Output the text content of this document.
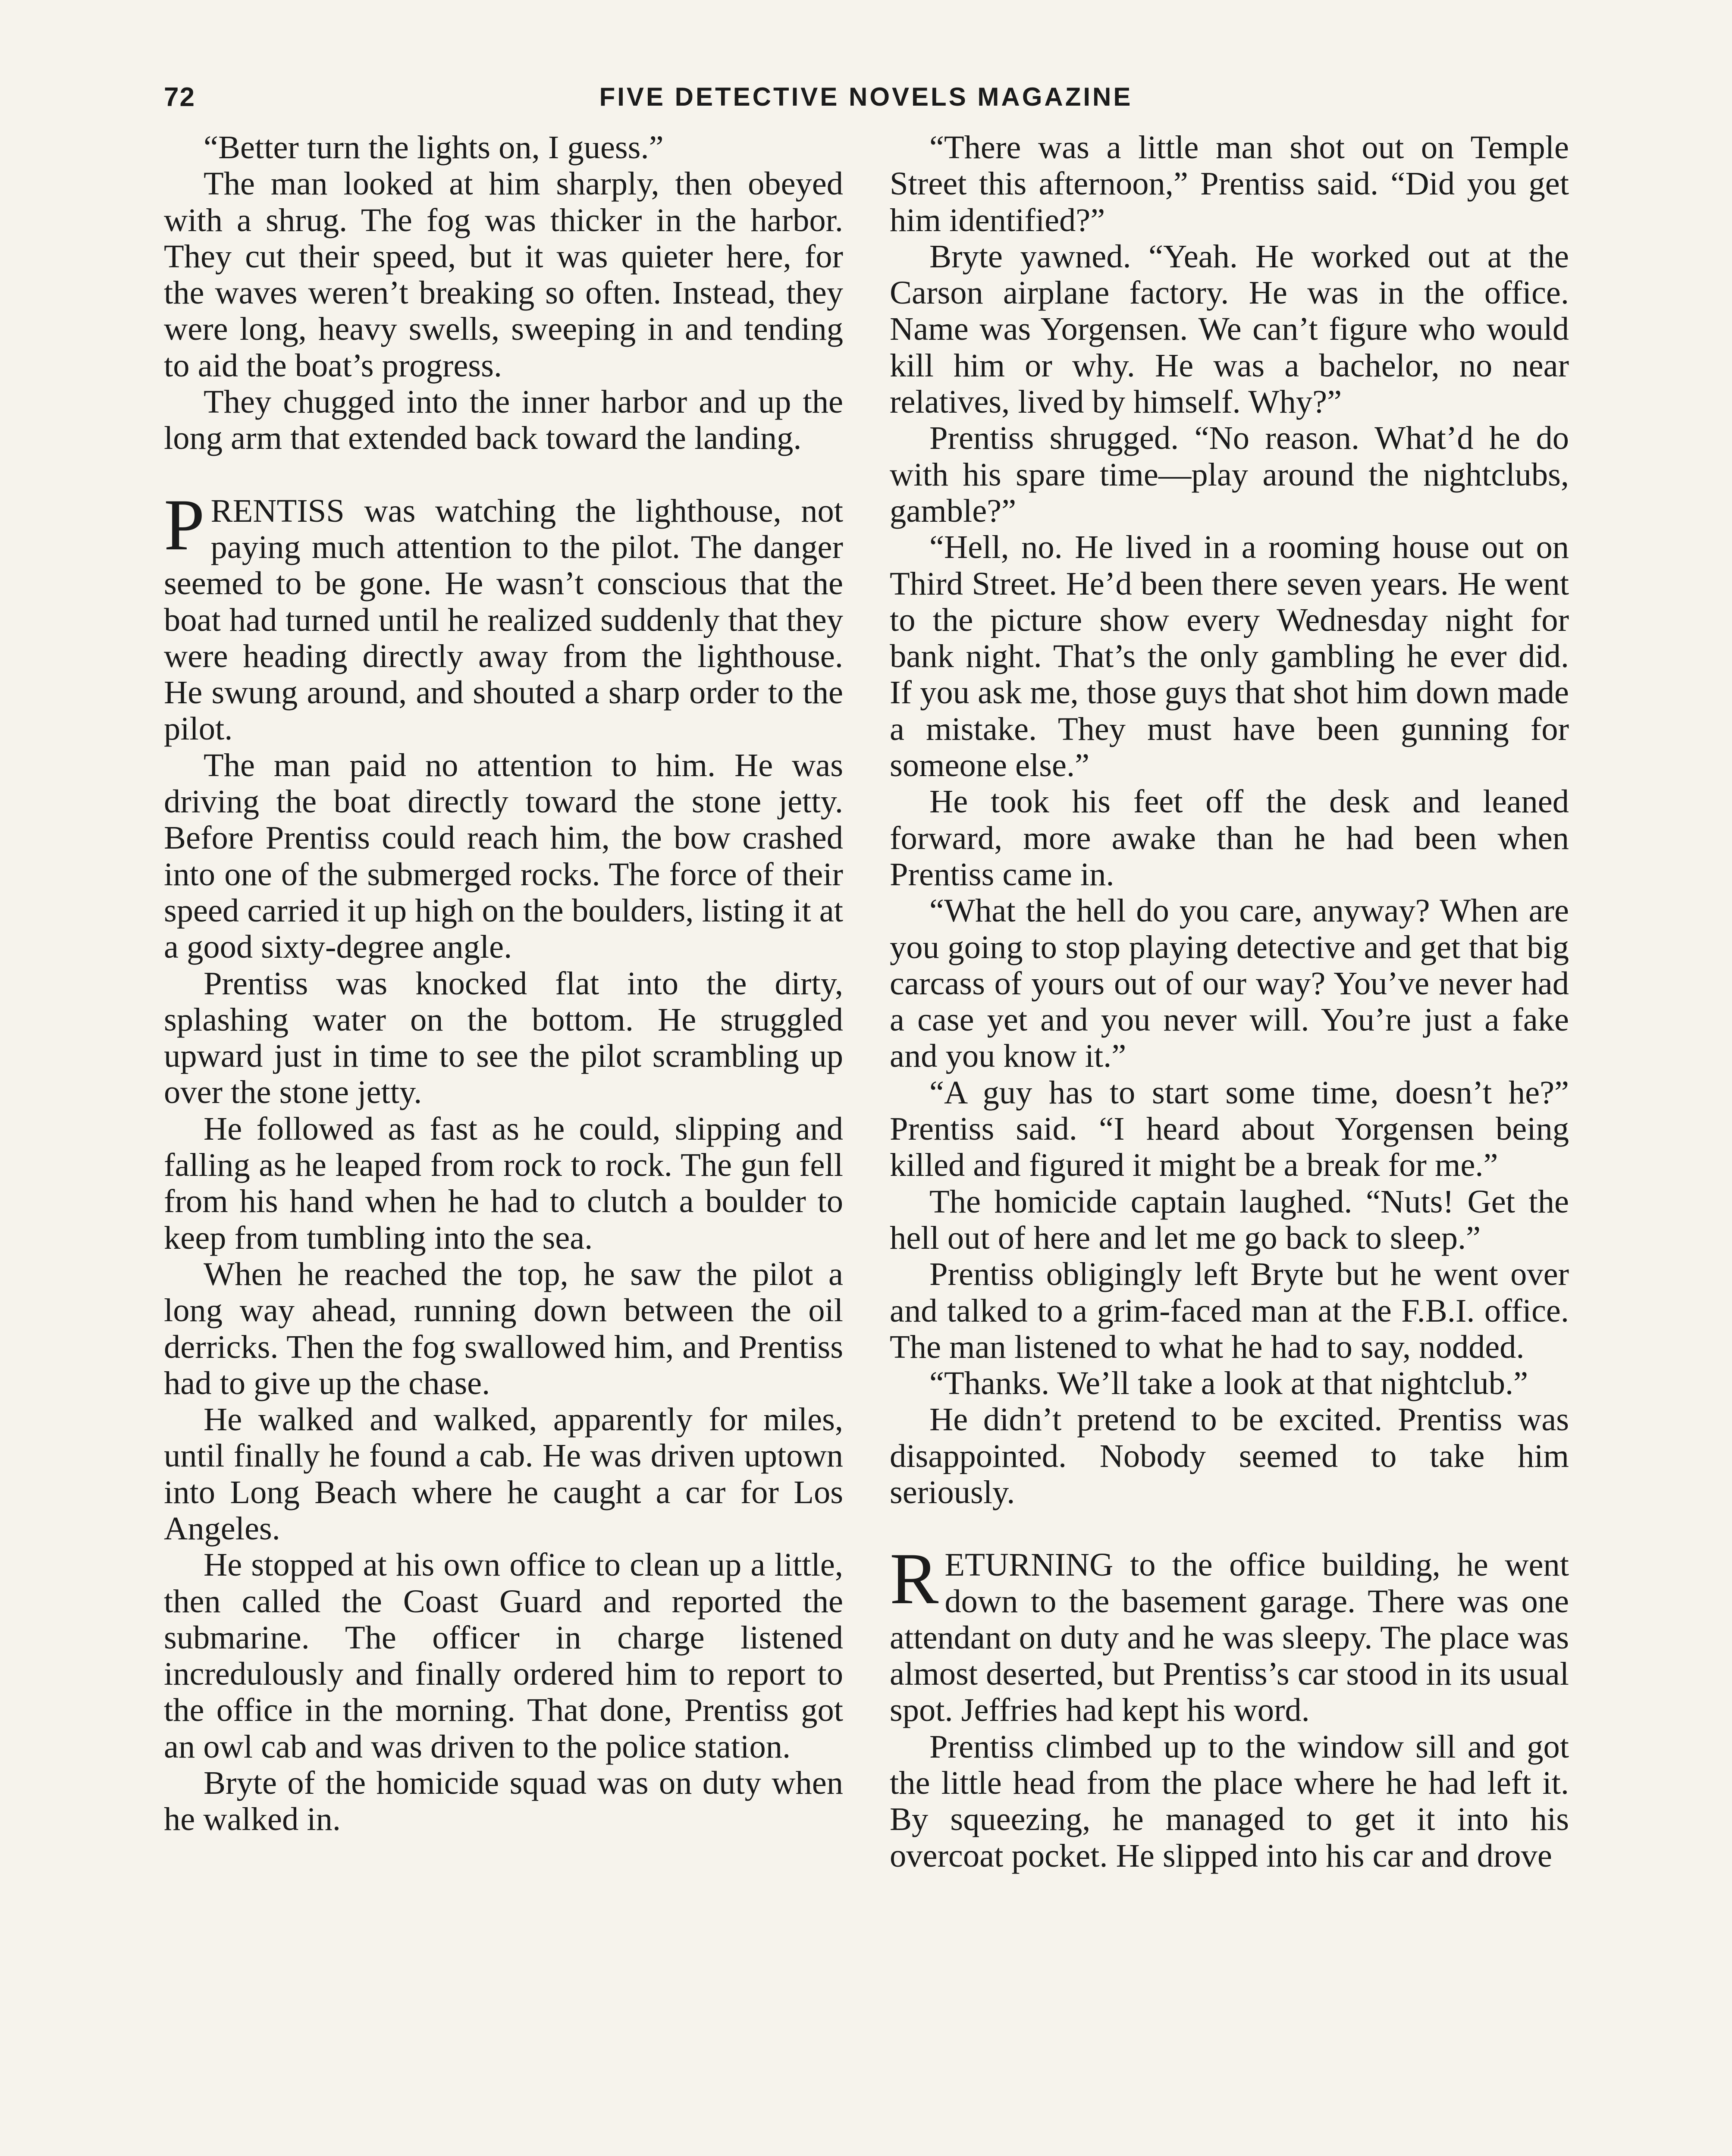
72	FIVE DETECTIVE NOVELS MAGAZINE

“Better turn the lights on, I guess.”

The man looked at him sharply, then obeyed with a shrug. The fog was thicker in the harbor. They cut their speed, but it was quieter here, for the waves weren’t breaking so often. Instead, they were long, heavy swells, sweeping in and tending to aid the boat’s progress.

They chugged into the inner harbor and up the long arm that extended back toward the landing.

PRENTISS was watching the lighthouse, not paying much attention to the pilot. The danger seemed to be gone. He wasn’t conscious that the boat had turned until he realized suddenly that they were heading directly away from the lighthouse. He swung around, and shouted a sharp order to the pilot.

The man paid no attention to him. He was driving the boat directly toward the stone jetty. Before Prentiss could reach him, the bow crashed into one of the submerged rocks. The force of their speed carried it up high on the boulders, listing it at a good sixty-degree angle.

Prentiss was knocked flat into the dirty, splashing water on the bottom. He struggled upward just in time to see the pilot scrambling up over the stone jetty.

He followed as fast as he could, slipping and falling as he leaped from rock to rock. The gun fell from his hand when he had to clutch a boulder to keep from tumbling into the sea.

When he reached the top, he saw the pilot a long way ahead, running down between the oil derricks. Then the fog swallowed him, and Prentiss had to give up the chase.

He walked and walked, apparently for miles, until finally he found a cab. He was driven uptown into Long Beach where he caught a car for Los Angeles.

He stopped at his own office to clean up a little, then called the Coast Guard and reported the submarine. The officer in charge listened incredulously and finally ordered him to report to the office in the morning. That done, Prentiss got an owl cab and was driven to the police station.

Bryte of the homicide squad was on duty when he walked in.

“There was a little man shot out on Temple Street this afternoon,” Prentiss said. “Did you get him identified?”

Bryte yawned. “Yeah. He worked out at the Carson airplane factory. He was in the office. Name was Yorgensen. We can’t figure who would kill him or why. He was a bachelor, no near relatives, lived by himself. Why?”

Prentiss shrugged. “No reason. What’d he do with his spare time—play around the nightclubs, gamble?”

“Hell, no. He lived in a rooming house out on Third Street. He’d been there seven years. He went to the picture show every Wednesday night for bank night. That’s the only gambling he ever did. If you ask me, those guys that shot him down made a mistake. They must have been gunning for someone else.”

He took his feet off the desk and leaned forward, more awake than he had been when Prentiss came in.

“What the hell do you care, anyway? When are you going to stop playing detective and get that big carcass of yours out of our way? You’ve never had a case yet and you never will. You’re just a fake and you know it.”

“A guy has to start some time, doesn’t he?” Prentiss said. “I heard about Yorgensen being killed and figured it might be a break for me.”

The homicide captain laughed. “Nuts! Get the hell out of here and let me go back to sleep.”

Prentiss obligingly left Bryte but he went over and talked to a grim-faced man at the F.B.I. office. The man listened to what he had to say, nodded.

“Thanks. We’ll take a look at that nightclub.”

He didn’t pretend to be excited. Prentiss was disappointed. Nobody seemed to take him seriously.

RETURNING to the office building, he went down to the basement garage. There was one attendant on duty and he was sleepy. The place was almost deserted, but Prentiss’s car stood in its usual spot. Jeffries had kept his word.

Prentiss climbed up to the window sill and got the little head from the place where he had left it. By squeezing, he managed to get it into his overcoat pocket. He slipped into his car and drove
